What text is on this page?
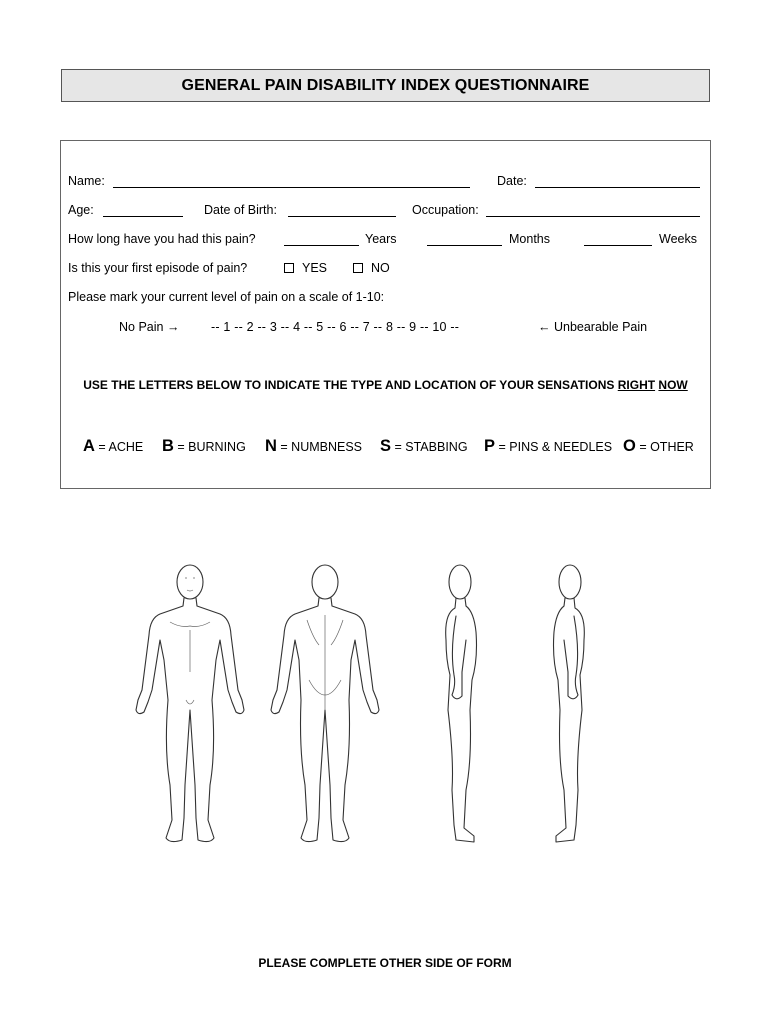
GENERAL PAIN DISABILITY INDEX QUESTIONNAIRE
Name:	Date:
Age:	Date of Birth:	Occupation:
How long have you had this pain?	Years	Months	Weeks
Is this your first episode of pain?	YES	NO
Please mark your current level of pain on a scale of 1-10:
No Pain →	-- 1 -- 2 -- 3 -- 4 -- 5 -- 6 -- 7 -- 8 -- 9 -- 10 --	← Unbearable Pain
USE THE LETTERS BELOW TO INDICATE THE TYPE AND LOCATION OF YOUR SENSATIONS RIGHT NOW
A = ACHE B = BURNING N = NUMBNESS S = STABBING P = PINS & NEEDLES O = OTHER
PLEASE COMPLETE OTHER SIDE OF FORM
